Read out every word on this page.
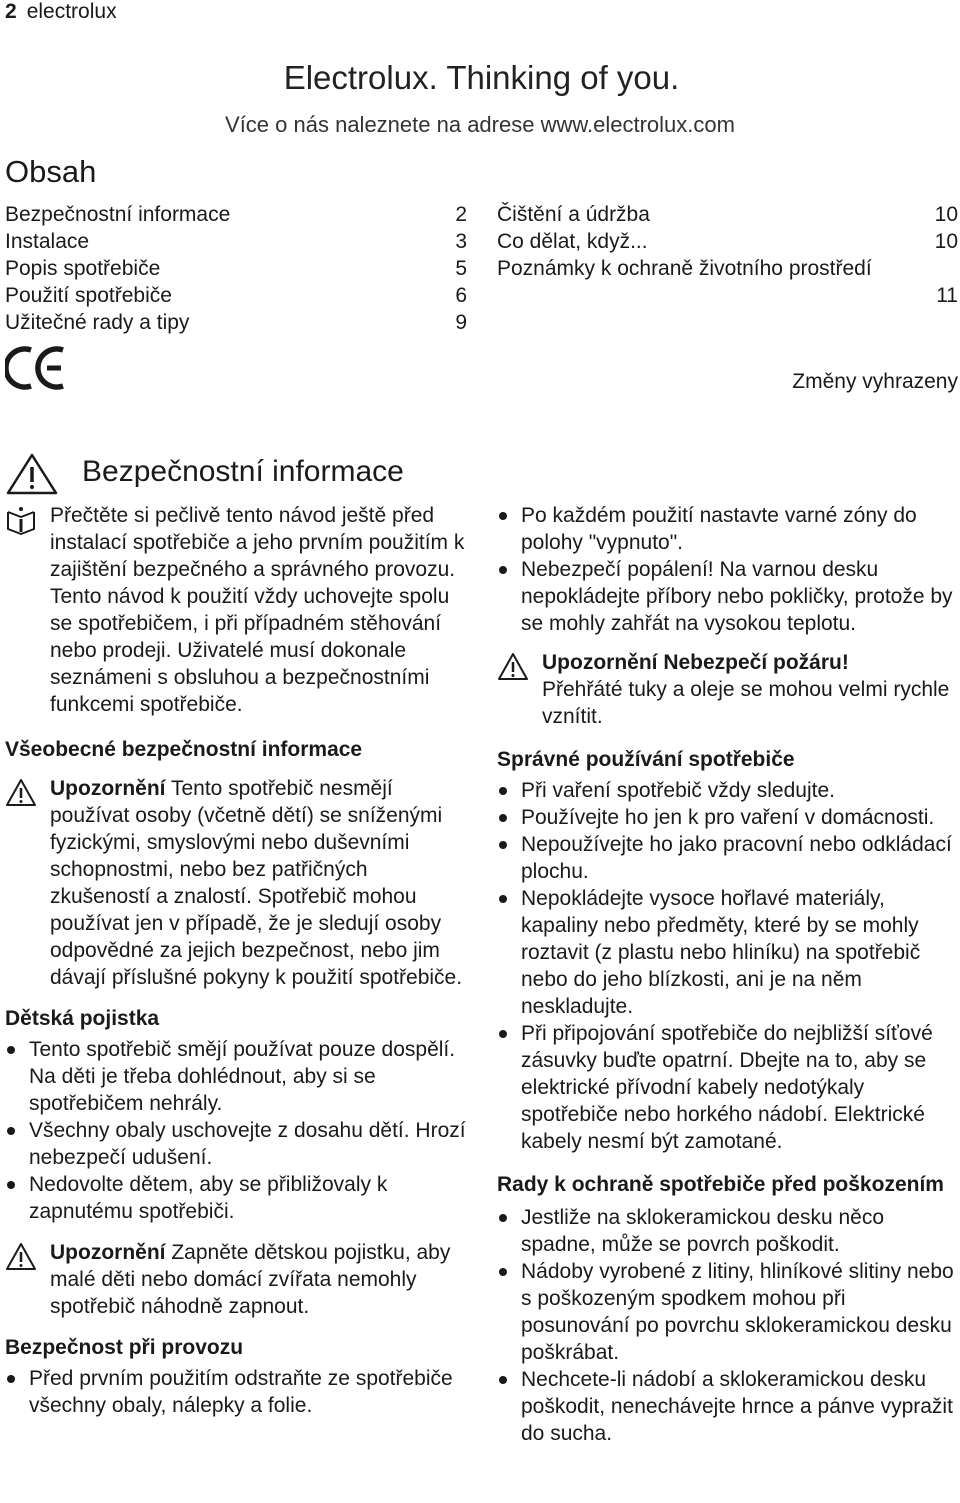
2 electrolux
Electrolux. Thinking of you.
Více o nás naleznete na adrese www.electrolux.com
Obsah
Bezpečnostní informace	2
Instalace	3
Popis spotřebiče	5
Použití spotřebiče	6
Užitečné rady a tipy	9
Čištění a údržba	10
Co dělat, když...	10
Poznámky k ochraně životního prostředí
11
Změny vyhrazeny
Bezpečnostní informace

Přečtěte si pečlivě tento návod ještě před instalací spotřebiče a jeho prvním použitím k zajištění bezpečného a správného provozu. Tento návod k použití vždy uchovejte spolu se spotřebičem, i při případném stěhování nebo prodeji. Uživatelé musí dokonale seznámeni s obsluhou a bezpečnostními funkcemi spotřebiče.

Všeobecné bezpečnostní informace

Upozornění Tento spotřebič nesmějí používat osoby (včetně dětí) se sníženými fyzickými, smyslovými nebo duševními schopnostmi, nebo bez patřičných zkušeností a znalostí. Spotřebič mohou používat jen v případě, že je sledují osoby odpovědné za jejich bezpečnost, nebo jim dávají příslušné pokyny k použití spotřebiče.

Dětská pojistka

Tento spotřebič smějí používat pouze dospělí. Na děti je třeba dohlédnout, aby si se spotřebičem nehrály.
Všechny obaly uschovejte z dosahu dětí. Hrozí nebezpečí udušení.
Nedovolte dětem, aby se přibližovaly k zapnutému spotřebiči.

Upozornění Zapněte dětskou pojistku, aby malé děti nebo domácí zvířata nemohly spotřebič náhodně zapnout.

Bezpečnost při provozu

Před prvním použitím odstraňte ze spotřebiče všechny obaly, nálepky a folie.
Po každém použití nastavte varné zóny do polohy "vypnuto".
Nebezpečí popálení! Na varnou desku nepokládejte příbory nebo pokličky, protože by se mohly zahřát na vysokou teplotu.

Upozornění Nebezpečí požáru!

Přehřáté tuky a oleje se mohou velmi rychle vznítit.

Správné používání spotřebiče

Při vaření spotřebič vždy sledujte.
Používejte ho jen k pro vaření v domácnosti.
Nepoužívejte ho jako pracovní nebo odkládací plochu.
Nepokládejte vysoce hořlavé materiály, kapaliny nebo předměty, které by se mohly roztavit (z plastu nebo hliníku) na spotřebič nebo do jeho blízkosti, ani je na něm neskladujte.
Při připojování spotřebiče do nejbližší síťové zásuvky buďte opatrní. Dbejte na to, aby se elektrické přívodní kabely nedotýkaly spotřebiče nebo horkého nádobí. Elektrické kabely nesmí být zamotané.

Rady k ochraně spotřebiče před poškozením

Jestliže na sklokeramickou desku něco spadne, může se povrch poškodit.
Nádoby vyrobené z litiny, hliníkové slitiny nebo s poškozeným spodkem mohou při posunování po povrchu sklokeramickou desku poškrábat.
Nechcete-li nádobí a sklokeramickou desku poškodit, nenechávejte hrnce a pánve vypražit do sucha.
